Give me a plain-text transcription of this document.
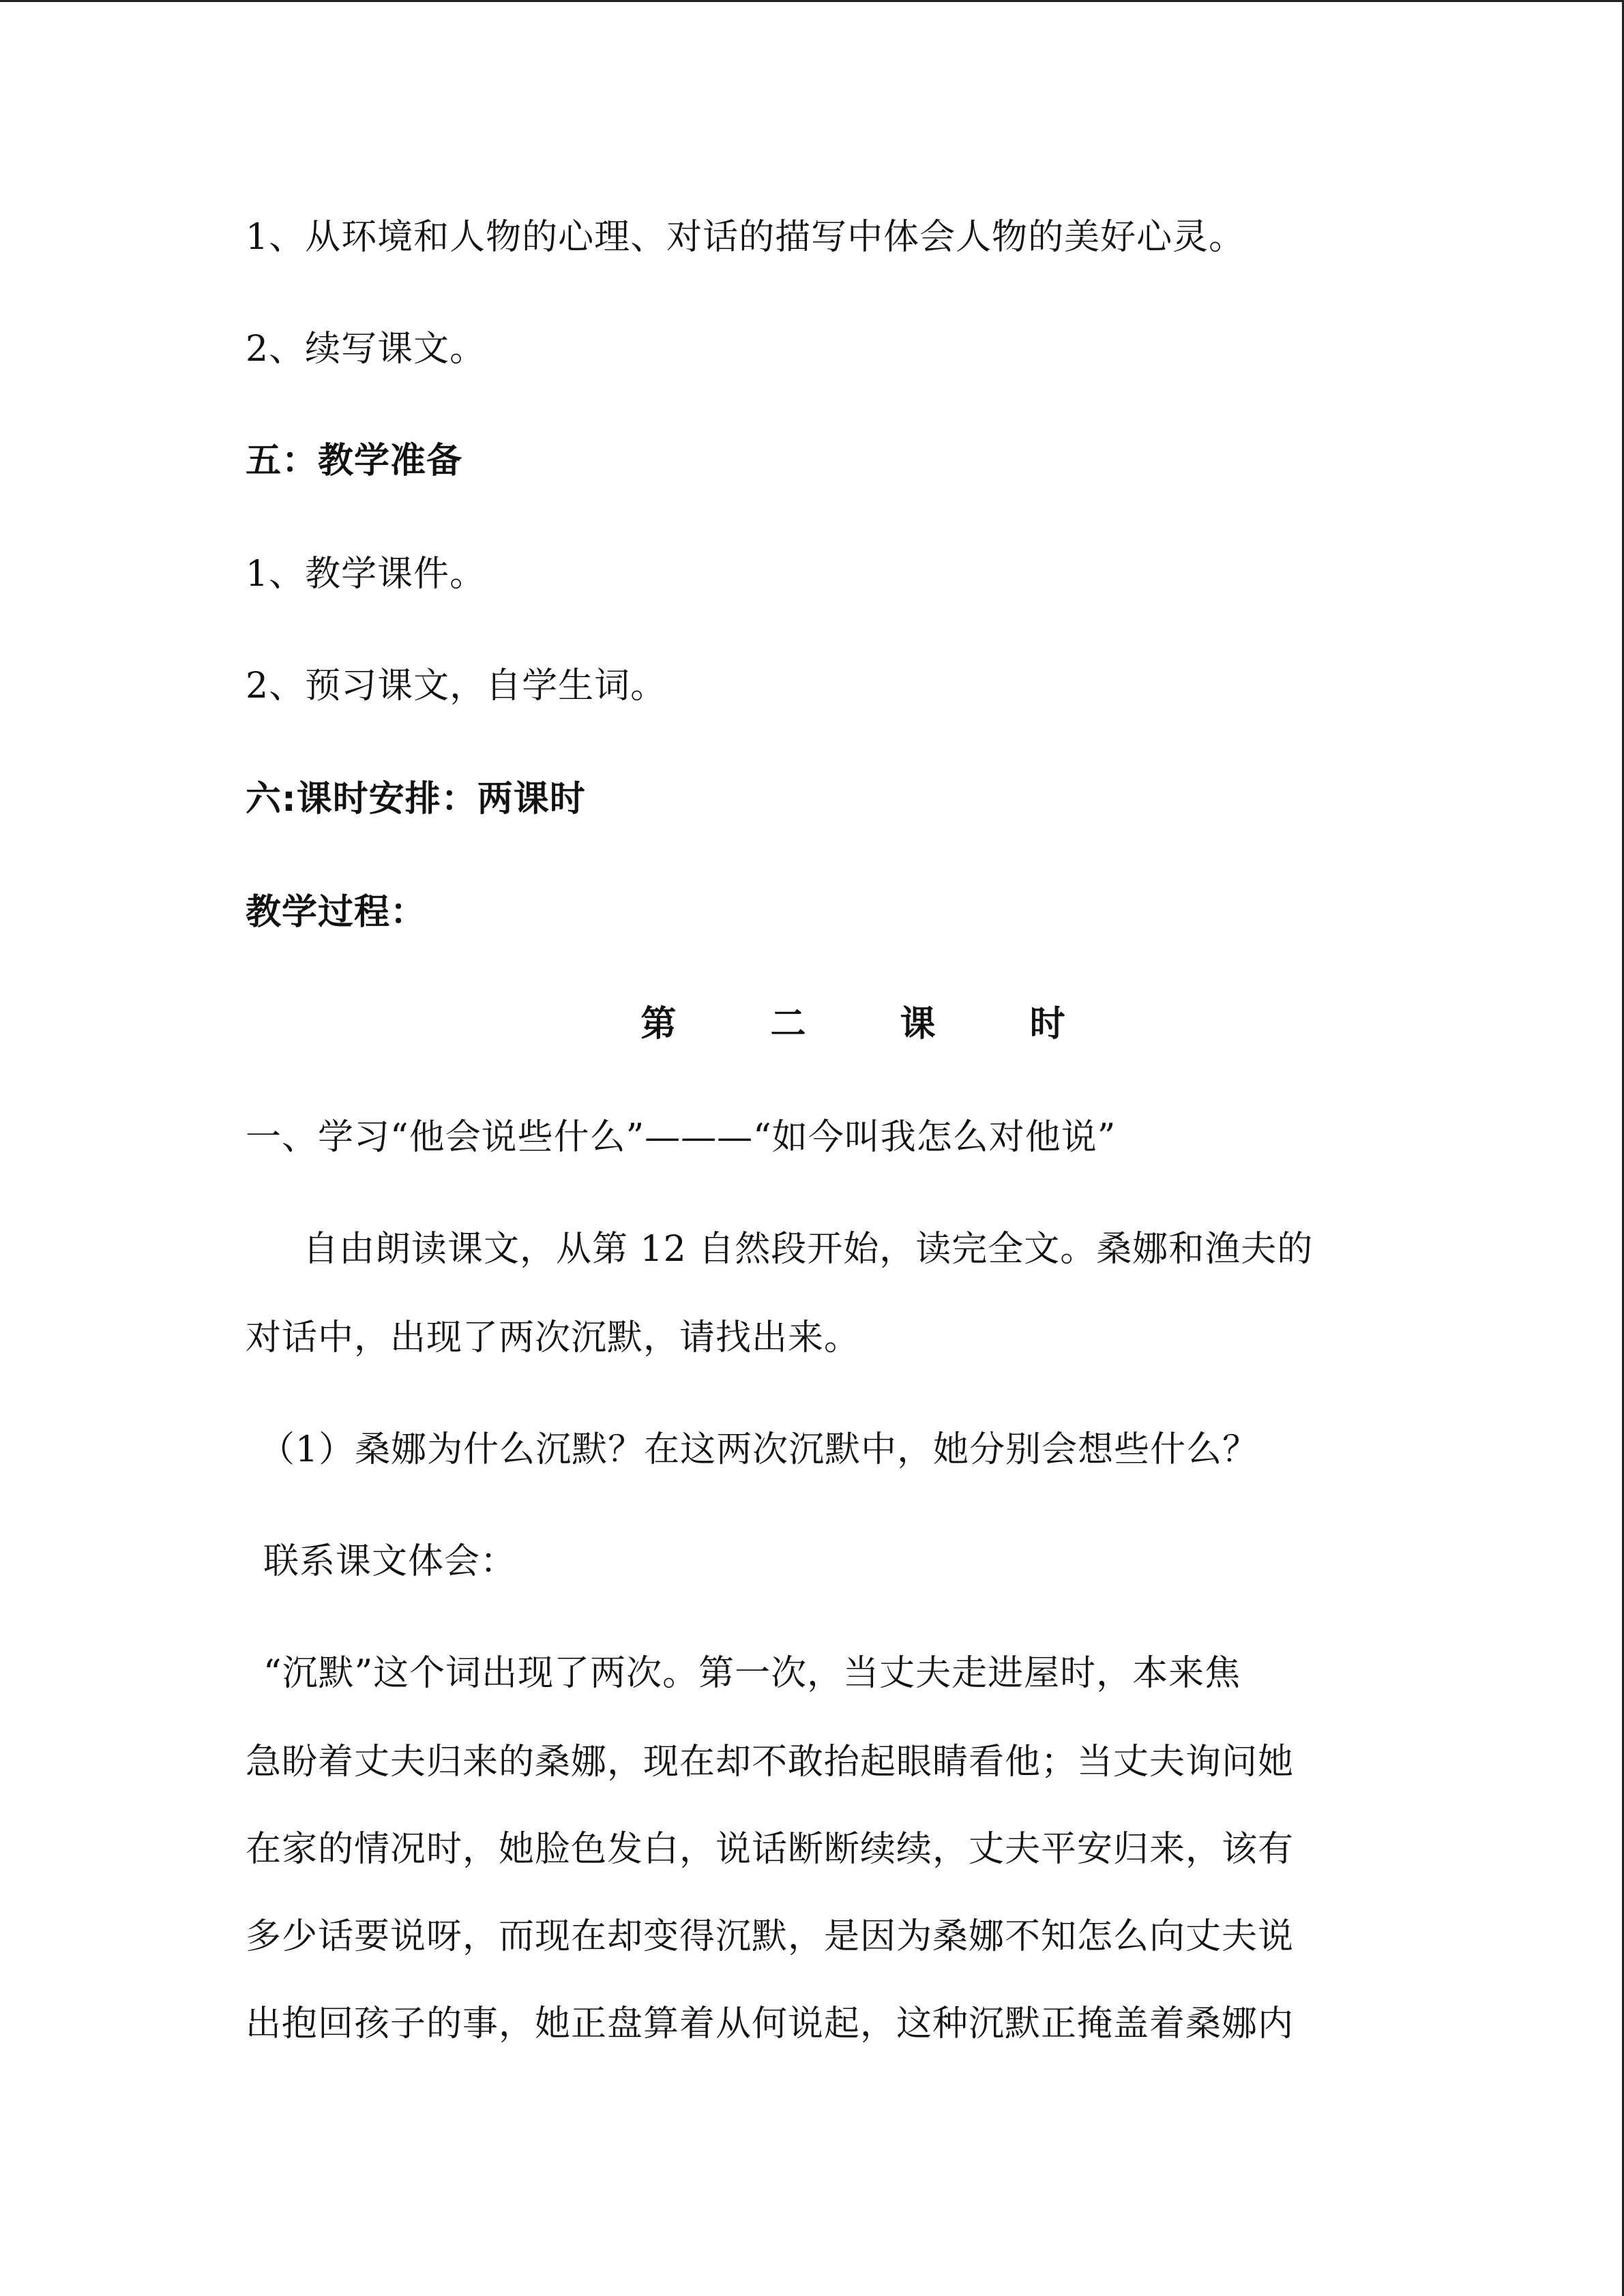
1、从环境和人物的心理、对话的描写中体会人物的美好心灵。
2、续写课文。
五：教学准备
1、教学课件。
2、预习课文，自学生词。
六:课时安排：两课时
教学过程：
第 二 课 时
一、学习“他会说些什么”———“如今叫我怎么对他说”
自由朗读课文，从第 12 自然段开始，读完全文。桑娜和渔夫的
对话中，出现了两次沉默，请找出来。
（1）桑娜为什么沉默？在这两次沉默中，她分别会想些什么？
联系课文体会：
“沉默”这个词出现了两次。第一次，当丈夫走进屋时，本来焦
急盼着丈夫归来的桑娜，现在却不敢抬起眼睛看他；当丈夫询问她
在家的情况时，她脸色发白，说话断断续续，丈夫平安归来，该有
多少话要说呀，而现在却变得沉默，是因为桑娜不知怎么向丈夫说
出抱回孩子的事，她正盘算着从何说起，这种沉默正掩盖着桑娜内
